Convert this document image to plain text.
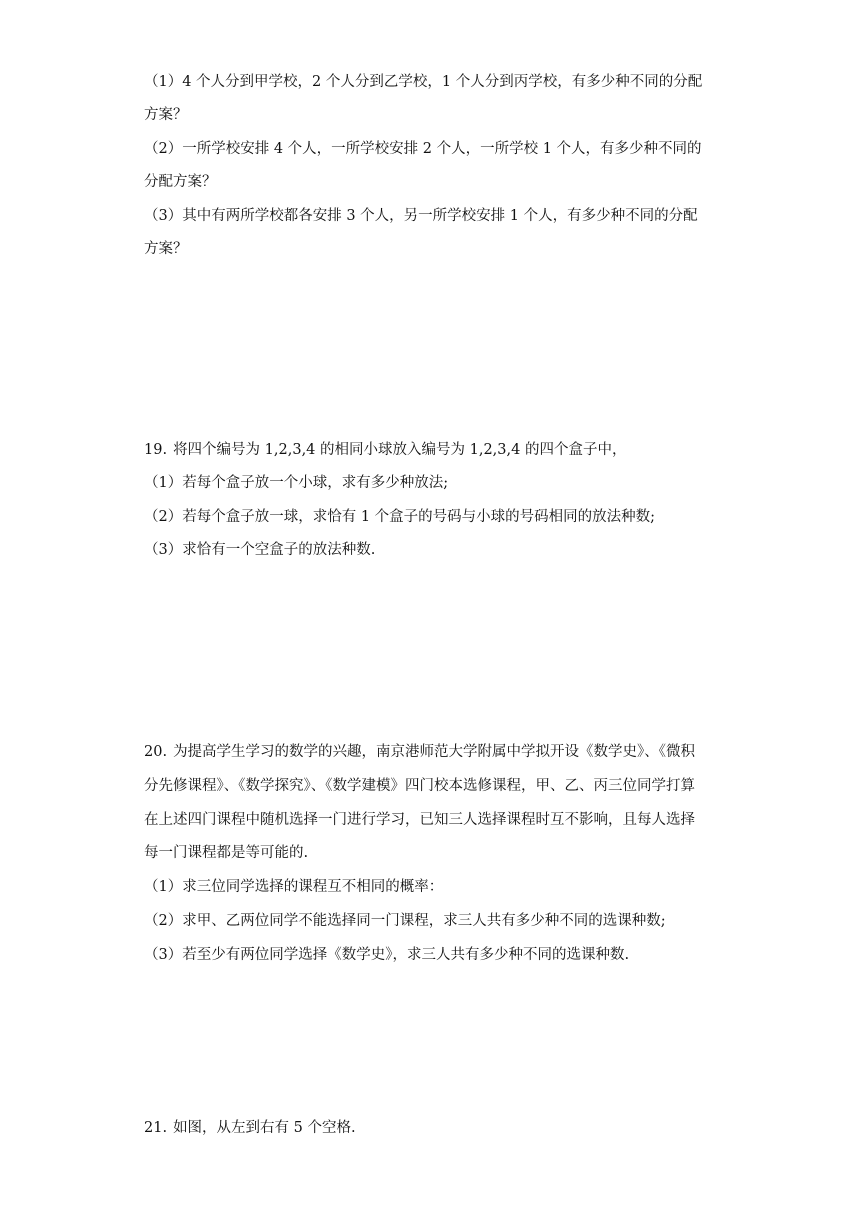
（1）4 个人分到甲学校，2 个人分到乙学校，1 个人分到丙学校，有多少种不同的分配
方案？
（2）一所学校安排 4 个人，一所学校安排 2 个人，一所学校 1 个人，有多少种不同的
分配方案？
（3）其中有两所学校都各安排 3 个人，另一所学校安排 1 个人，有多少种不同的分配
方案？
19. 将四个编号为 1,2,3,4 的相同小球放入编号为 1,2,3,4 的四个盒子中，
（1）若每个盒子放一个小球，求有多少种放法;
（2）若每个盒子放一球，求恰有 1 个盒子的号码与小球的号码相同的放法种数;
（3）求恰有一个空盒子的放法种数.
20. 为提高学生学习的数学的兴趣，南京港师范大学附属中学拟开设《数学史》、《微积
分先修课程》、《数学探究》、《数学建模》四门校本选修课程，甲、乙、丙三位同学打算
在上述四门课程中随机选择一门进行学习，已知三人选择课程时互不影响，且每人选择
每一门课程都是等可能的.
（1）求三位同学选择的课程互不相同的概率：
（2）求甲、乙两位同学不能选择同一门课程，求三人共有多少种不同的选课种数;
（3）若至少有两位同学选择《数学史》，求三人共有多少种不同的选课种数.
21. 如图，从左到右有 5 个空格.
